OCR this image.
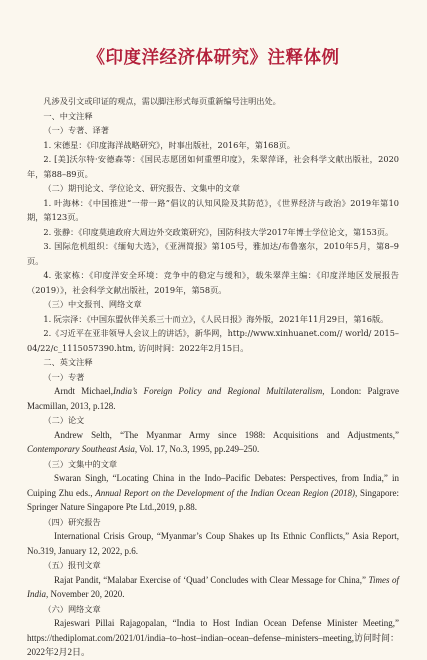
《印度洋经济体研究》注释体例

凡涉及引文或印证的观点，需以脚注形式每页重新编号注明出处。

一、中文注释

（一）专著、译著

1. 宋德星：《印度海洋战略研究》，时事出版社，2016年，第168页。

2. [美]沃尔特·安德森等：《国民志愿团如何重塑印度》，朱翠萍译，社会科学文献出版社，2020年，第88–89页。

（二）期刊论文、学位论文、研究报告、文集中的文章

1. 叶海林：《中国推进“一带一路”倡议的认知风险及其防范》，《世界经济与政治》2019年第10期，第123页。

2. 张静：《印度莫迪政府大周边外交政策研究》，国防科技大学2017年博士学位论文，第153页。

3. 国际危机组织：《缅甸大选》，《亚洲简报》第105号，雅加达/布鲁塞尔，2010年5月，第8–9页。

4. 张家栋：《印度洋安全环境：竞争中的稳定与缓和》，载朱翠萍主编：《印度洋地区发展报告（2019）》，社会科学文献出版社，2019年，第58页。

（三）中文报刊、网络文章

1. 阮宗泽：《中国东盟伙伴关系三十而立》，《人民日报》海外版，2021年11月29日，第16版。

2.《习近平在亚非领导人会议上的讲话》，新华网，http://www.xinhuanet.com// world/ 2015–04/22/c_1115057390.htm, 访问时间：2022年2月15日。

二、英文注释

（一）专著

Arndt Michael,India’s Foreign Policy and Regional Multilateralism, London: Palgrave Macmillan, 2013, p.128.

（二）论文

Andrew Selth, “The Myanmar Army since 1988: Acquisitions and Adjustments,” Contemporary Southeast Asia, Vol. 17, No.3, 1995, pp.249–250.

（三）文集中的文章

Swaran Singh, “Locating China in the Indo–Pacific Debates: Perspectives, from India,” in Cuiping Zhu eds., Annual Report on the Development of the Indian Ocean Region (2018), Singapore: Springer Nature Singapore Pte Ltd.,2019, p.88.

（四）研究报告

International Crisis Group, “Myanmar’s Coup Shakes up Its Ethnic Conflicts,” Asia Report, No.319, January 12, 2022, p.6.

（五）报刊文章

Rajat Pandit, “Malabar Exercise of ‘Quad’ Concludes with Clear Message for China,” Times of India, November 20, 2020.

（六）网络文章

Rajeswari Pillai Rajagopalan, “India to Host Indian Ocean Defense Minister Meeting,” https://thediplomat.com/2021/01/india–to–host–indian–ocean–defense–ministers–meeting,访问时间：2022年2月2日。
